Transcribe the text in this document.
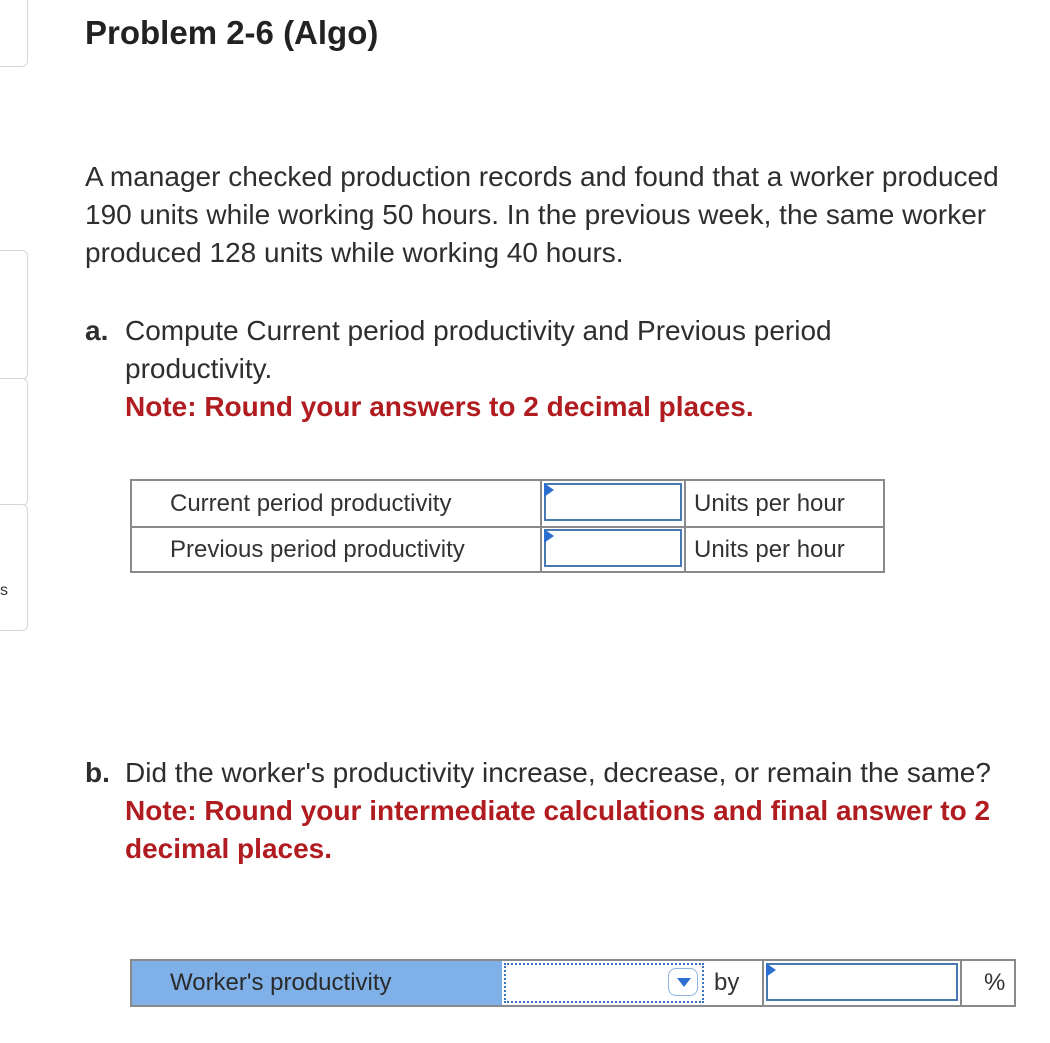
s
Problem 2-6 (Algo)

A manager checked production records and found that a worker produced 190 units while working 50 hours. In the previous week, the same worker produced 128 units while working 40 hours.

a. Compute Current period productivity and Previous period productivity.
Note: Round your answers to 2 decimal places.
Current period productivity	Units per hour
Previous period productivity	Units per hour
b. Did the worker's productivity increase, decrease, or remain the same?
Note: Round your intermediate calculations and final answer to 2 decimal places.
Worker's productivity	by	%
